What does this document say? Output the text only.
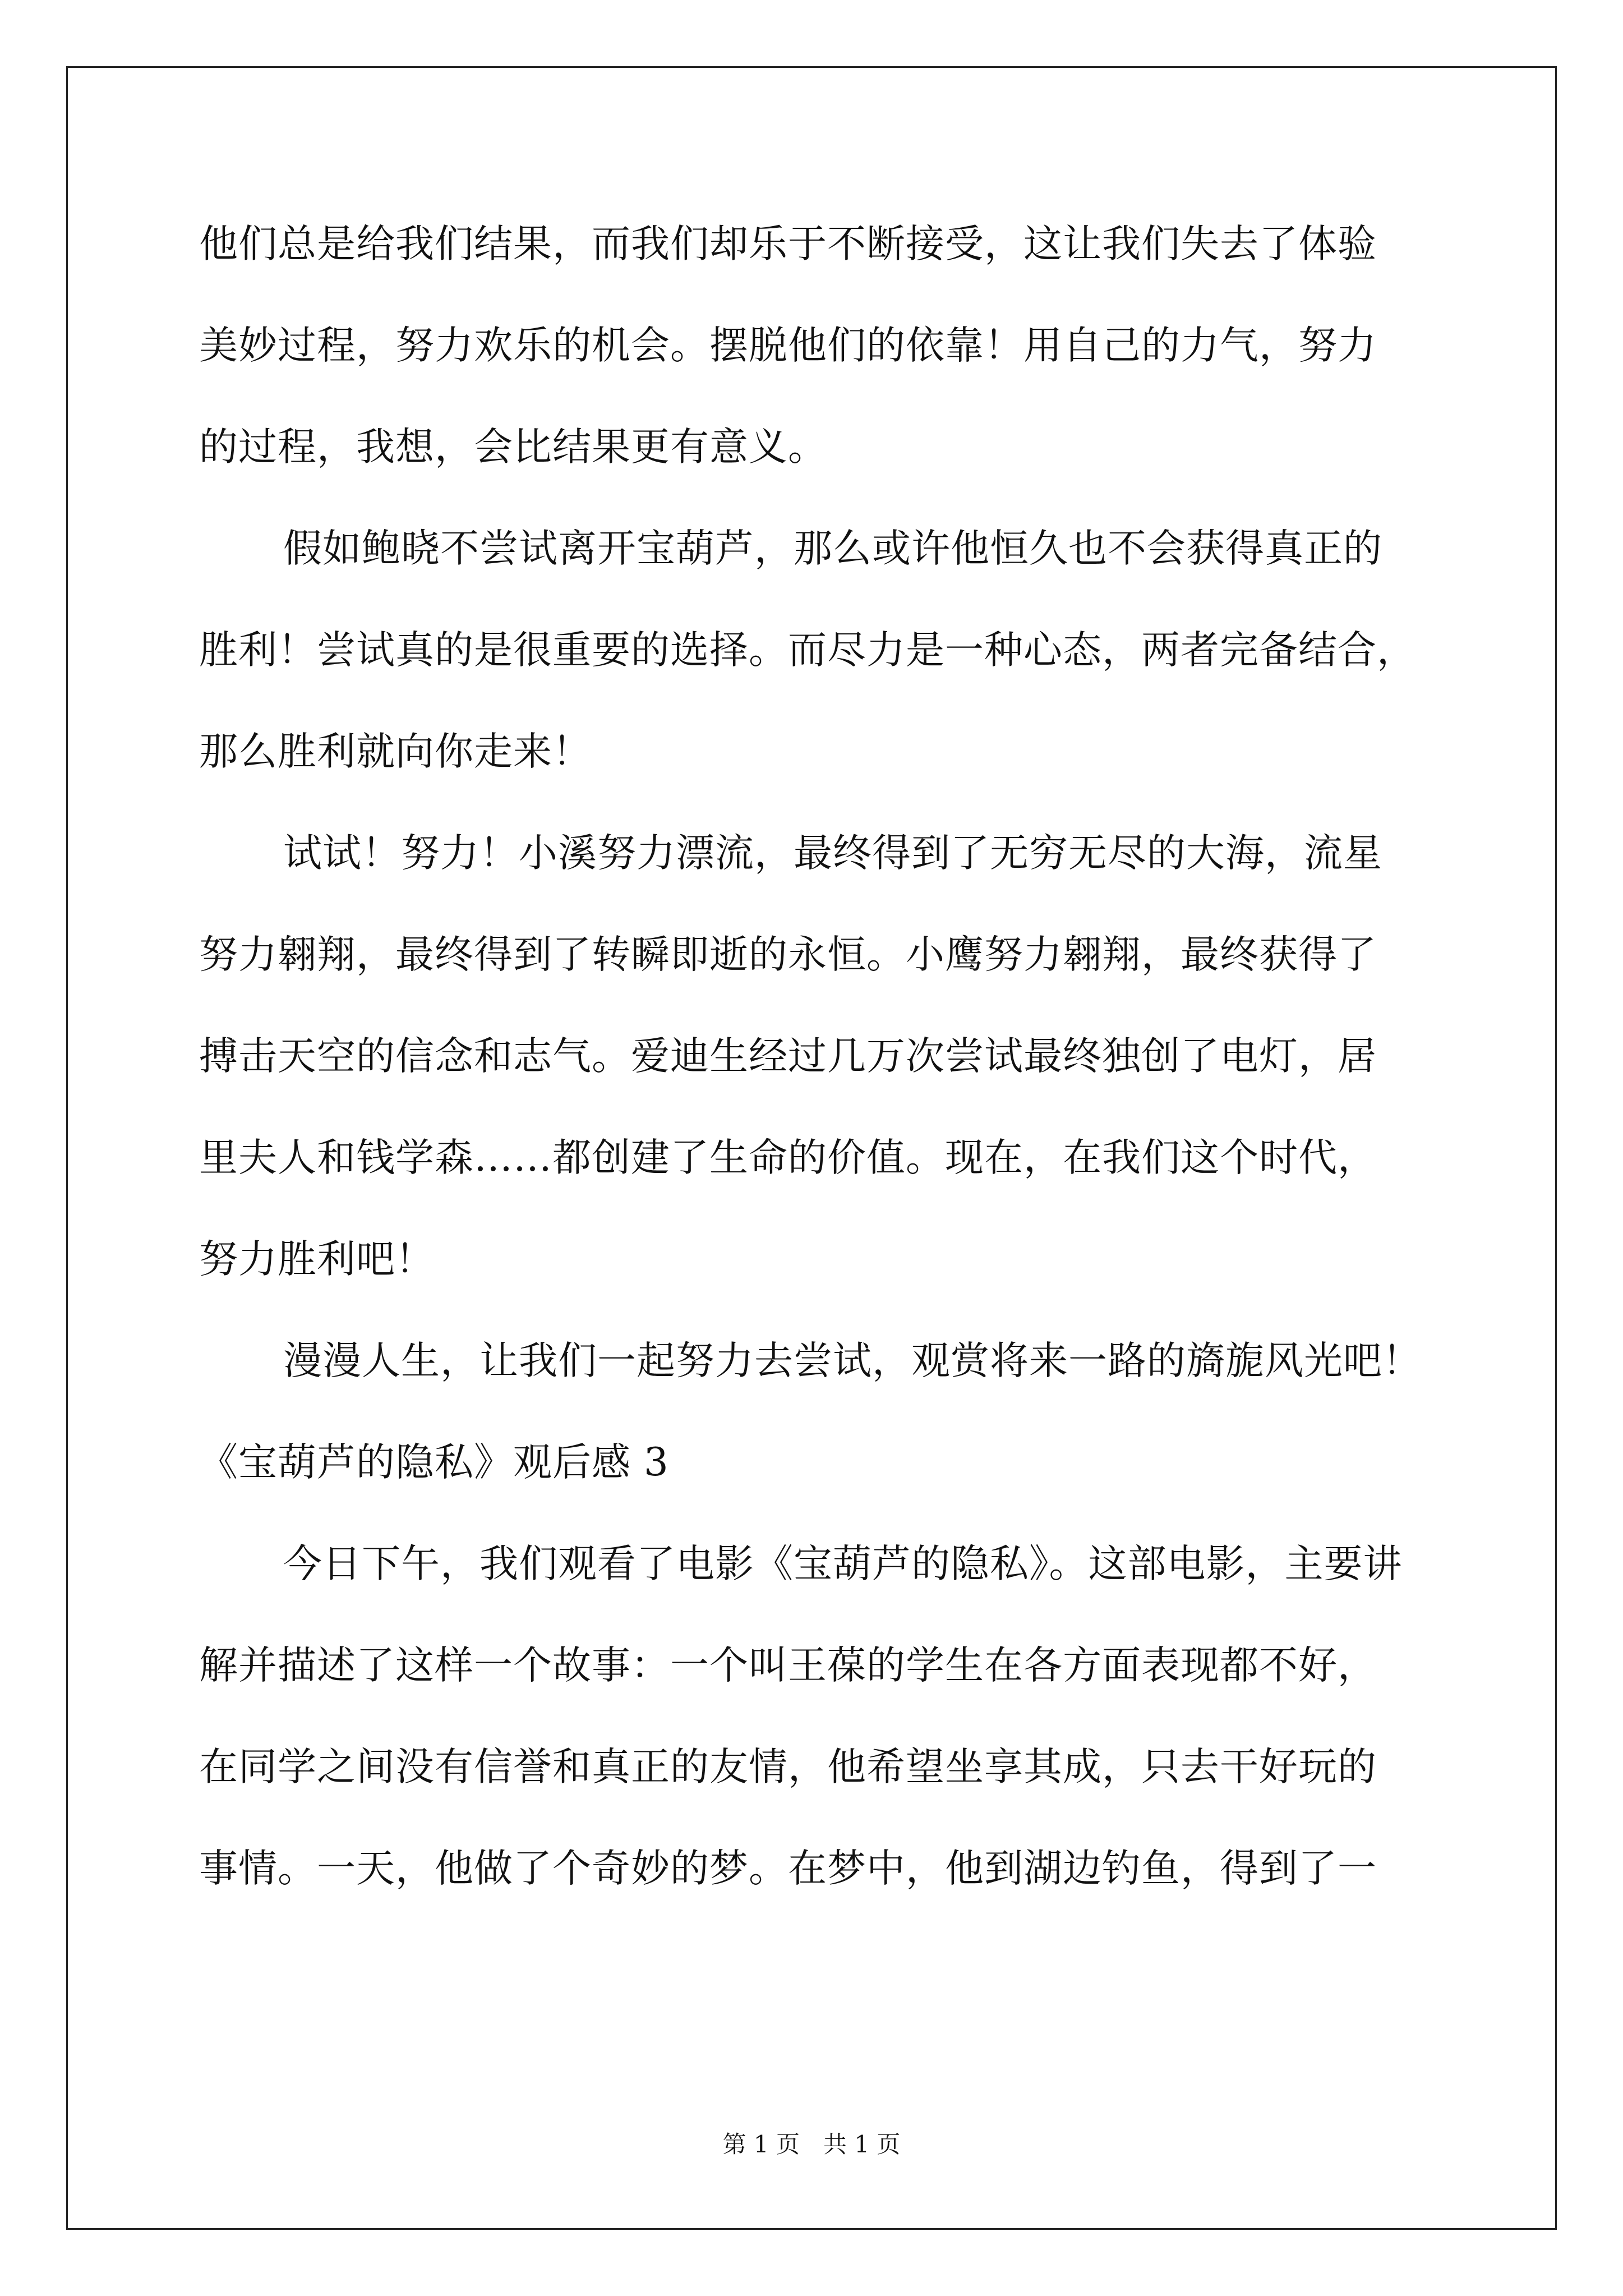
他们总是给我们结果，而我们却乐于不断接受，这让我们失去了体验
美妙过程，努力欢乐的机会。摆脱他们的依靠！用自己的力气，努力
的过程，我想，会比结果更有意义。
假如鲍晓不尝试离开宝葫芦，那么或许他恒久也不会获得真正的
胜利！尝试真的是很重要的选择。而尽力是一种心态，两者完备结合，
那么胜利就向你走来！
试试！努力！小溪努力漂流，最终得到了无穷无尽的大海，流星
努力翱翔，最终得到了转瞬即逝的永恒。小鹰努力翱翔，最终获得了
搏击天空的信念和志气。爱迪生经过几万次尝试最终独创了电灯，居
里夫人和钱学森……都创建了生命的价值。现在，在我们这个时代，
努力胜利吧！
漫漫人生，让我们一起努力去尝试，观赏将来一路的旖旎风光吧！
《宝葫芦的隐私》观后感 3
今日下午，我们观看了电影《宝葫芦的隐私》。这部电影，主要讲
解并描述了这样一个故事：一个叫王葆的学生在各方面表现都不好，
在同学之间没有信誉和真正的友情，他希望坐享其成，只去干好玩的
事情。一天，他做了个奇妙的梦。在梦中，他到湖边钓鱼，得到了一
第 1 页　共 1 页
